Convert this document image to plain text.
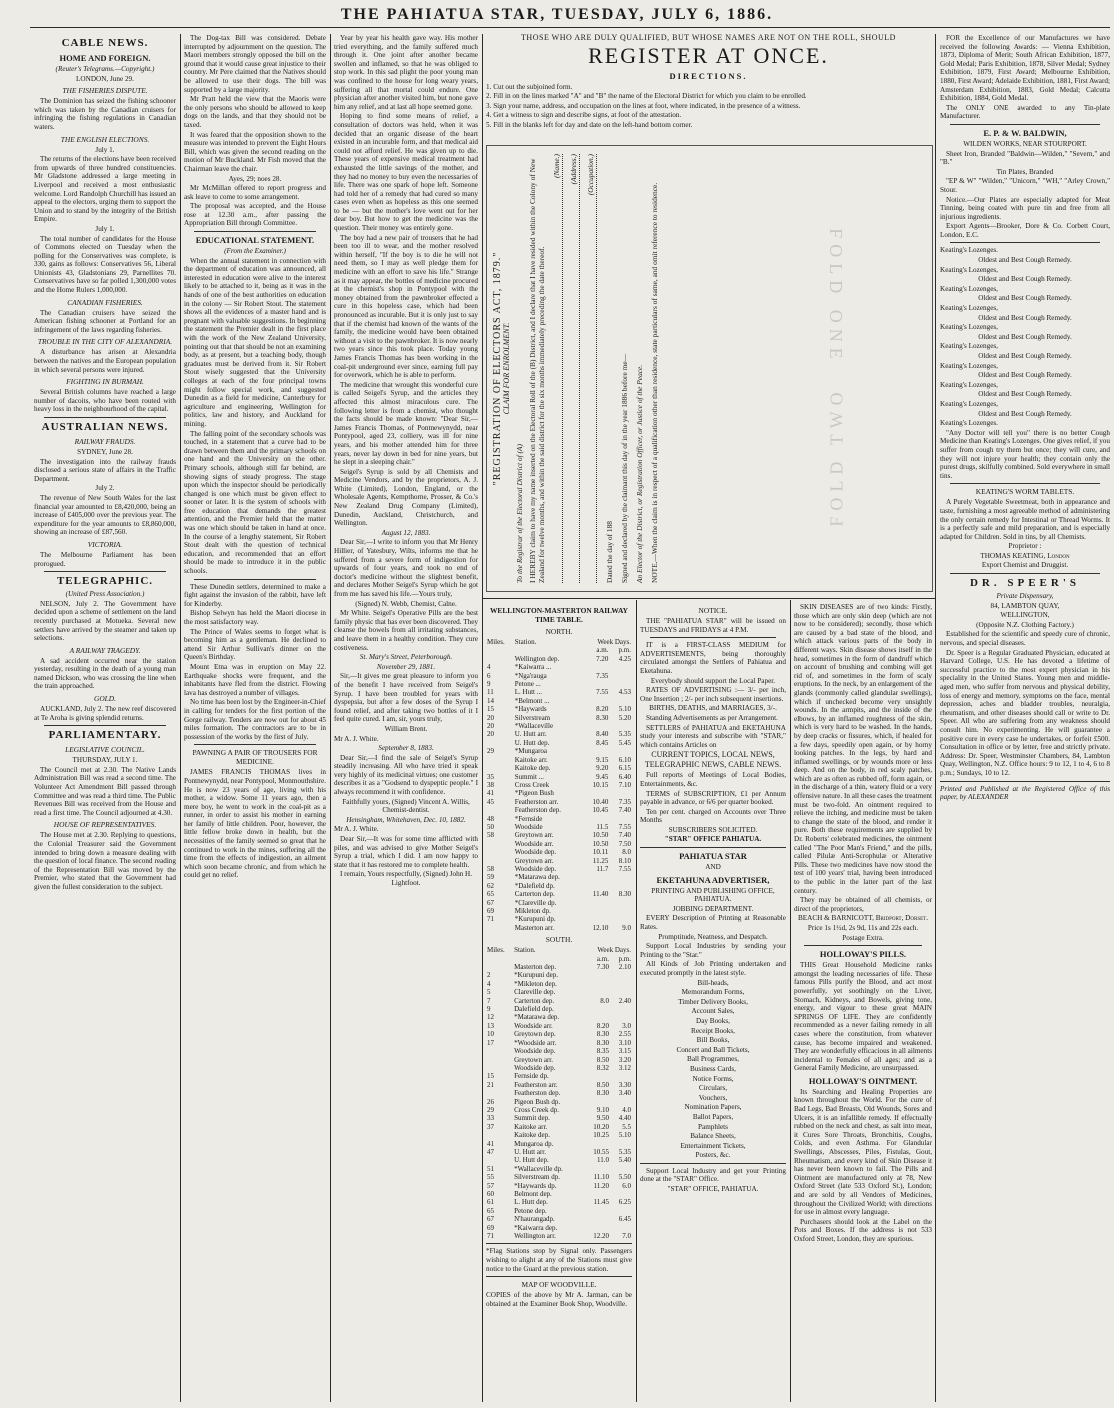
THE PAHIATUA STAR, TUESDAY, JULY 6, 1886.
CABLE NEWS.
HOME AND FOREIGN.

(Reuter's Telegrams.—Copyright.)

LONDON, June 29.

THE FISHERIES DISPUTE.

The Dominion has seized the fishing schooner which was taken by the Canadian cruisers for infringing the fishing regulations in Canadian waters.

THE ENGLISH ELECTIONS.

July 1.

The returns of the elections have been received from upwards of three hundred constituencies. Mr Gladstone addressed a large meeting in Liverpool and received a most enthusiastic welcome. Lord Randolph Churchill has issued an appeal to the electors, urging them to support the Union and to stand by the integrity of the British Empire.

July 1.

The total number of candidates for the House of Commons elected on Tuesday when the polling for the Conservatives was complete, is 330, gains as follows: Conservatives 56, Liberal Unionists 43, Gladstonians 29, Parnellites 70. Conservatives have so far polled 1,300,000 votes and the Home Rulers 1,000,000.

CANADIAN FISHERIES.

The Canadian cruisers have seized the American fishing schooner at Portland for an infringement of the laws regarding fisheries.

TROUBLE IN THE CITY OF ALEXANDRIA.

A disturbance has arisen at Alexandria between the natives and the European population in which several persons were injured.

FIGHTING IN BURMAH.

Several British columns have reached a large number of dacoits, who have been routed with heavy loss in the neighbourhood of the capital.

AUSTRALIAN NEWS.
RAILWAY FRAUDS.

SYDNEY, June 28.

The investigation into the railway frauds disclosed a serious state of affairs in the Traffic Department.

July 2.

The revenue of New South Wales for the last financial year amounted to £8,420,000, being an increase of £405,000 over the previous year. The expenditure for the year amounts to £8,860,000, showing an increase of £87,560.

VICTORIA.

The Melbourne Parliament has been prorogued.

TELEGRAPHIC.

(United Press Association.)

NELSON, July 2. The Government have decided upon a scheme of settlement on the land recently purchased at Motueka. Several new settlers have arrived by the steamer and taken up selections.

A RAILWAY TRAGEDY.

A sad accident occurred near the station yesterday, resulting in the death of a young man named Dickson, who was crossing the line when the train approached.

GOLD.

AUCKLAND, July 2. The new reef discovered at Te Aroha is giving splendid returns.

PARLIAMENTARY.
LEGISLATIVE COUNCIL.

THURSDAY, JULY 1.

The Council met at 2.30. The Native Lands Administration Bill was read a second time. The Volunteer Act Amendment Bill passed through Committee and was read a third time. The Public Revenues Bill was received from the House and read a first time. The Council adjourned at 4.30.

HOUSE OF REPRESENTATIVES.

The House met at 2.30. Replying to questions, the Colonial Treasurer said the Government intended to bring down a measure dealing with the question of local finance. The second reading of the Representation Bill was moved by the Premier, who stated that the Government had given the fullest consideration to the subject.

The Dog-tax Bill was considered. Debate interrupted by adjournment on the question. The Maori members strongly opposed the bill on the ground that it would cause great injustice to their country. Mr Pere claimed that the Natives should be allowed to use their dogs. The bill was supported by a large majority.

Mr Pratt held the view that the Maoris were the only persons who should be allowed to keep dogs on the lands, and that they should not be taxed.

It was feared that the opposition shown to the measure was intended to prevent the Eight Hours Bill, which was given the second reading on the motion of Mr Buckland. Mr Fish moved that the Chairman leave the chair.

Ayes, 29; noes 28.

Mr McMillan offered to report progress and ask leave to come to some arrangement.

The proposal was accepted, and the House rose at 12.30 a.m., after passing the Appropriation Bill through Committee.

EDUCATIONAL STATEMENT.

(From the Examiner.)

When the annual statement in connection with the department of education was announced, all interested in education were alive to the interest likely to be attached to it, being as it was in the hands of one of the best authorities on education in the colony — Sir Robert Stout. The statement shows all the evidences of a master hand and is pregnant with valuable suggestions. In beginning the statement the Premier dealt in the first place with the work of the New Zealand University, pointing out that that should be not an examining body, as at present, but a teaching body, though graduates must be derived from it. Sir Robert Stout wisely suggested that the University colleges at each of the four principal towns might follow special work, and suggested Dunedin as a field for medicine, Canterbury for agriculture and engineering, Wellington for politics, law and history, and Auckland for mining.

The falling point of the secondary schools was touched, in a statement that a curve had to be drawn between them and the primary schools on one hand and the University on the other. Primary schools, although still far behind, are showing signs of steady progress. The stage upon which the inspector should be periodically changed is one which must be given effect to sooner or later. It is the system of schools with free education that demands the greatest attention, and the Premier held that the matter was one which should be taken in hand at once. In the course of a lengthy statement, Sir Robert Stout dealt with the question of technical education, and recommended that an effort should be made to introduce it in the public schools.

These Dunedin settlers, determined to make a fight against the invasion of the rabbit, have left for Kinderby.

Bishop Selwyn has held the Maori diocese in the most satisfactory way.

The Prince of Wales seems to forget what is becoming him as a gentleman. He declined to attend Sir Arthur Sullivan's dinner on the Queen's Birthday.

Mount Etna was in eruption on May 22. Earthquake shocks were frequent, and the inhabitants have fled from the district. Flowing lava has destroyed a number of villages.

No time has been lost by the Engineer-in-Chief in calling for tenders for the first portion of the Gorge railway. Tenders are now out for about 45 miles formation. The contractors are to be in possession of the works by the first of July.

PAWNING A PAIR OF TROUSERS FOR MEDICINE.

JAMES FRANCIS THOMAS lives in Pontnewynydd, near Pontypool, Monmouthshire. He is now 23 years of age, living with his mother, a widow. Some 11 years ago, then a mere boy, he went to work in the coal-pit as a runner, in order to assist his mother in earning her family of little children. Poor, however, the little fellow broke down in health, but the necessities of the family seemed so great that he continued to work in the mines, suffering all the time from the effects of indigestion, an ailment which soon became chronic, and from which he could get no relief.

Year by year his health gave way. His mother tried everything, and the family suffered much through it. One joint after another became swollen and inflamed, so that he was obliged to stop work. In this sad plight the poor young man was confined to the house for long weary years, suffering all that mortal could endure. One physician after another visited him, but none gave him any relief, and at last all hope seemed gone.

Hoping to find some means of relief, a consultation of doctors was held, when it was decided that an organic disease of the heart existed in an incurable form, and that medical aid could not afford relief. He was given up to die. These years of expensive medical treatment had exhausted the little savings of the mother, and they had no money to buy even the necessaries of life. There was one spark of hope left. Someone had told her of a remedy that had cured so many cases even when as hopeless as this one seemed to be — but the mother's love went out for her dear boy. But how to get the medicine was the question. Their money was entirely gone.

The boy had a new pair of trousers that he had been too ill to wear, and the mother resolved within herself, "If the boy is to die he will not need them, so I may as well pledge them for medicine with an effort to save his life." Strange as it may appear, the bottles of medicine procured at the chemist's shop in Pontypool with the money obtained from the pawnbroker effected a cure in this hopeless case, which had been pronounced as incurable. But it is only just to say that if the chemist had known of the wants of the family, the medicine would have been obtained without a visit to the pawnbroker. It is now nearly two years since this took place. Today young James Francis Thomas has been working in the coal-pit underground ever since, earning full pay for overwork, which he is able to perform.

The medicine that wrought this wonderful cure is called Seigel's Syrup, and the articles they affected this almost miraculous cure. The following letter is from a chemist, who thought the facts should be made known: "Dear Sir,—James Francis Thomas, of Pontnewynydd, near Pontypool, aged 23, colliery, was ill for nine years, and his mother attended him for three years, never lay down in bed for nine years, but he slept in a sleeping chair."

Seigel's Syrup is sold by all Chemists and Medicine Vendors, and by the proprietors, A. J. White (Limited), London, England, or the Wholesale Agents, Kempthorne, Prosser, & Co.'s New Zealand Drug Company (Limited), Dunedin, Auckland, Christchurch, and Wellington.

August 12, 1883.

Dear Sir,—I write to inform you that Mr Henry Hillier, of Yatesbury, Wilts, informs me that he suffered from a severe form of indigestion for upwards of four years, and took no end of doctor's medicine without the slightest benefit, and declares Mother Seigel's Syrup which he got from me has saved his life.—Yours truly,

(Signed) N. Webb, Chemist, Calne.

Mr White. Seigel's Operative Pills are the best family physic that has ever been discovered. They cleanse the bowels from all irritating substances, and leave them in a healthy condition. They cure costiveness.

St. Mary's Street, Peterborough.

November 29, 1881.

Sir,—It gives me great pleasure to inform you of the benefit I have received from Seigel's Syrup. I have been troubled for years with dyspepsia, but after a few doses of the Syrup I found relief, and after taking two bottles of it I feel quite cured. I am, sir, yours truly,

William Brent.

Mr A. J. White.

September 8, 1883.

Dear Sir,—I find the sale of Seigel's Syrup steadily increasing. All who have tried it speak very highly of its medicinal virtues; one customer describes it as a "Godsend to dyspeptic people." I always recommend it with confidence.

Faithfully yours, (Signed) Vincent A. Willis, Chemist-dentist.

Hensingham, Whitehaven, Dec. 10, 1882.

Mr A. J. White.

Dear Sir,—It was for some time afflicted with piles, and was advised to give Mother Seigel's Syrup a trial, which I did. I am now happy to state that it has restored me to complete health.

I remain, Yours respectfully, (Signed) John H. Lightfoot.

THOSE WHO ARE DULY QUALIFIED, BUT WHOSE NAMES ARE NOT ON THE ROLL, SHOULD

REGISTER AT ONCE.
DIRECTIONS.

1. Cut out the subjoined form.

2. Fill in on the lines marked "A" and "B" the name of the Electoral District for which you claim to be enrolled.

3. Sign your name, address, and occupation on the lines at foot, where indicated, in the presence of a witness.

4. Get a witness to sign and describe signs, at foot of the attestation.

5. Fill in the blanks left for day and date on the left-hand bottom corner.

"REGISTRATION OF ELECTORS ACT, 1879." CLAIM FOR ENROLMENT.
To the Registrar of the Electoral District of (A) I HEREBY claim to have my name inserted on the Electoral Roll of the (B) District, and I declare that I have resided within the Colony of New Zealand for twelve months, and within the said district for the six months immediately preceding the date thereof.
(Name.) (Address.) (Occupation.)
Dated the day of 188 Signed and declared by the claimant this day of in the year 1886 before me— An Elector of the District, or Registration Officer, or Justice of the Peace. NOTE.—When the claim is in respect of a qualification other than residence, state particulars of same, and omit reference to residence.	FOLD ONE
FOLD TWO
WELLINGTON-MASTERTON RAILWAY TIME TABLE.
NORTH.
Miles.	Station.	Week Days.	
		a.m.	p.m.
	Wellington dep.	7.20	4.25
4	*Kaiwarra ...		
6	*Nga'rauga	7.35	
9	Petone ...		
11	L. Hutt ...	7.55	4.53
14	*Belmont ...		
15	*Haywards	8.20	5.10
20	Silverstream	8.30	5.20
20	*Wallaceville		
20	U. Hutt arr.	8.40	5.35
	U. Hutt dep.	8.45	5.45
29	*Mungaroa		
	Kaitoke arr.	9.15	6.10
	Kaitoke dep.	9.20	6.15
35	Summit ...	9.45	6.40
38	Cross Creek	10.15	7.10
41	*Pigeon Bush		
45	Featherston arr.	10.40	7.35
	Featherston dep.	10.45	7.40
48	*Fernside		
50	Woodside	11.5	7.55
58	Greytown arr.	10.50	7.40
	Woodside arr.	10.50	7.50
	Woodside dep.	10.11	8.0
	Greytown arr.	11.25	8.10
58	Woodside dep.	11.7	7.55
59	*Matarawa dep.		
62	*Dalefield dp.		
65	Carterton dep.	11.40	8.30
67	*Clareville dp.		
69	Mikleton dp.		
71	*Kurupuni dp.		
	Masterton arr.	12.10	9.0
SOUTH.
Miles.	Station.	Week Days.	
		a.m.	p.m.
	Masterton dep.	7.30	2.10
2	*Kurupuni dep.		
4	*Mikleton dep.		
5	Clareville dep.		
7	Carterton dep.	8.0	2.40
9	Dalefield dep.		
12	*Matarawa dep.		
13	Woodside arr.	8.20	3.0
10	Greytown dep.	8.30	2.55
17	*Woodside arr.	8.30	3.10
	Woodside dep.	8.35	3.15
	Greytown arr.	8.50	3.20
	Woodside dep.	8.32	3.12
15	Fernside dp.		
21	Featherston arr.	8.50	3.30
	Featherston dep.	8.30	3.40
26	Pigeon Bush dp.		
29	Cross Creek dp.	9.10	4.0
33	Summit dep.	9.50	4.40
37	Kaitoke arr.	10.20	5.5
	Kaitoke dep.	10.25	5.10
41	Mungaroa dp.		
47	U. Hutt arr.	10.55	5.35
	U. Hutt dep.	11.0	5.40
51	*Wallaceville dp.		
55	Silverstream dp.	11.10	5.50
57	*Haywards dp.	11.20	6.0
60	Belmont dep.		
61	L. Hutt dep.	11.45	6.25
65	Petone dep.		
67	N'haurangadp.		6.45
69	*Kaiwarra dep.		
71	Wellington arr.	12.20	7.0

*Flag Stations stop by Signal only. Passengers wishing to alight at any of the Stations must give notice to the Guard at the previous station.

MAP OF WOODVILLE.

COPIES of the above by Mr A. Jarman, can be obtained at the Examiner Book Shop, Woodville.

NOTICE.

THE "PAHIATUA STAR" will be issued on TUESDAYS and FRIDAYS at 4 P.M.

IT is a FIRST-CLASS MEDIUM for ADVERTISEMENTS, being thoroughly circulated amongst the Settlers of Pahiatua and Eketahuna.

Everybody should support the Local Paper.

RATES OF ADVERTISING :— 3/- per inch, One Insertion ; 2/- per inch subsequent insertions.

BIRTHS, DEATHS, and MARRIAGES, 3/-.

Standing Advertisements as per Arrangement.

SETTLERS of PAHIATUA and EKETAHUNA study your interests and subscribe with "STAR," which contains Articles on

CURRENT TOPICS, LOCAL NEWS, TELEGRAPHIC NEWS, CABLE NEWS.

Full reports of Meetings of Local Bodies, Entertainments, &c.

TERMS of SUBSCRIPTION, £1 per Annum payable in advance, or 6/6 per quarter booked.

Ten per cent. charged on Accounts over Three Months

SUBSCRIBERS SOLICITED.

"STAR" OFFICE PAHIATUA.

PAHIATUA STAR

AND

EKETAHUNA ADVERTISER,

PRINTING AND PUBLISHING OFFICE, PAHIATUA.

JOBBING DEPARTMENT.

EVERY Description of Printing at Reasonable Rates.

Promptitude, Neatness, and Despatch.

Support Local Industries by sending your Printing to the "Star."

All Kinds of Job Printing undertaken and executed promptly in the latest style.

Bill-heads,

Memorandum Forms,

Timber Delivery Books,

Account Sales,

Day Books,

Receipt Books,

Bill Books,

Concert and Ball Tickets,

Ball Programmes,

Business Cards,

Notice Forms,

Circulars,

Vouchers,

Nomination Papers,

Ballot Papers,

Pamphlets

Balance Sheets,

Entertainment Tickets,

Posters, &c.

Support Local Industry and get your Printing done at the "STAR" Office.

"STAR" OFFICE, PAHIATUA.

SKIN DISEASES are of two kinds: Firstly, those which are only skin deep (which are not now to be considered); secondly, those which are caused by a bad state of the blood, and which attack various parts of the body in different ways. Skin disease shows itself in the head, sometimes in the form of dandruff which on account of brushing and combing will get rid of, and sometimes in the form of scaly eruptions. In the neck, by an enlargement of the glands (commonly called glandular swellings), which if unchecked become very unsightly wounds. In the armpits, and the inside of the elbows, by an inflamed roughness of the skin, which is very hard to be washed. In the hands, by deep cracks or fissures, which, if healed for a few days, speedily open again, or by horny looking patches. In the legs, by hard and inflamed swellings, or by wounds more or less deep. And on the body, in red scaly patches, which are as often as rubbed off, form again, or in the discharge of a thin, watery fluid or a very offensive nature. In all these cases the treatment must be two-fold. An ointment required to relieve the itching, and medicine must be taken to change the state of the blood, and render it pure. Both these requirements are supplied by Dr. Roberts' celebrated medicines, the ointment called "The Poor Man's Friend," and the pills, called Pilulæ Anti-Scrophulæ or Alterative Pills. These two medicines have now stood the test of 100 years' trial, having been introduced to the public in the latter part of the last century.

They may be obtained of all chemists, or direct of the proprietors,

BEACH & BARNICOTT, Bridport, Dorset.

Price 1s 1½d, 2s 9d, 11s and 22s each.

Postage Extra.

HOLLOWAY'S PILLS.

THIS Great Household Medicine ranks amongst the leading necessaries of life. These famous Pills purify the Blood, and act most powerfully, yet soothingly on the Liver, Stomach, Kidneys, and Bowels, giving tone, energy, and vigour to these great MAIN SPRINGS OF LIFE. They are confidently recommended as a never failing remedy in all cases where the constitution, from whatever cause, has become impaired and weakened. They are wonderfully efficacious in all ailments incidental to Females of all ages; and as a General Family Medicine, are unsurpassed.

HOLLOWAY'S OINTMENT.

Its Searching and Healing Properties are known throughout the World. For the cure of Bad Legs, Bad Breasts, Old Wounds, Sores and Ulcers, it is an infallible remedy. If effectually rubbed on the neck and chest, as salt into meat, it Cures Sore Throats, Bronchitis, Coughs, Colds, and even Asthma. For Glandular Swellings, Abscesses, Piles, Fistulas, Gout, Rheumatism, and every kind of Skin Disease it has never been known to fail. The Pills and Ointment are manufactured only at 78, New Oxford Street (late 533 Oxford St.), London; and are sold by all Vendors of Medicines, throughout the Civilized World; with directions for use in almost every language.

Purchasers should look at the Label on the Pots and Boxes. If the address is not 533 Oxford Street, London, they are spurious.

FOR the Excellence of our Manufactures we have received the following Awards: — Vienna Exhibition, 1873, Diploma of Merit; South African Exhibition, 1877, Gold Medal; Paris Exhibition, 1878, Silver Medal; Sydney Exhibition, 1879, First Award; Melbourne Exhibition, 1880, First Award; Adelaide Exhibition, 1881, First Award; Amsterdam Exhibition, 1883, Gold Medal; Calcutta Exhibition, 1884, Gold Medal.

The ONLY ONE awarded to any Tin-plate Manufacturer.

E. P. & W. BALDWIN,

WILDEN WORKS, NEAR STOURPORT.

Sheet Iron, Branded "Baldwin—Wilden," "Severn," and "B."

Tin Plates, Branded

"EP & W" "Wilden," "Unicorn," "WH," "Arley Crown," Stour.

Notice.—Our Plates are especially adapted for Meat Tinning, being coated with pure tin and free from all injurious ingredients.

Export Agents—Brooker, Dore & Co. Corbett Court, London, E.C.

Keating's Lozenges.

Oldest and Best Cough Remedy.

Keating's Lozenges,

Oldest and Best Cough Remedy.

Keating's Lozenges,

Oldest and Best Cough Remedy.

Keating's Lozenges,

Oldest and Best Cough Remedy.

Keating's Lozenges,

Oldest and Best Cough Remedy.

Keating's Lozenges,

Oldest and Best Cough Remedy.

Keating's Lozenges,

Oldest and Best Cough Remedy.

Keating's Lozenges,

Oldest and Best Cough Remedy.

Keating's Lozenges,

Oldest and Best Cough Remedy.

Keating's Lozenges.

"Any Doctor will tell you" there is no better Cough Medicine than Keating's Lozenges. One gives relief, if you suffer from cough try them but once; they will cure, and they will not injure your health; they contain only the purest drugs, skilfully combined. Sold everywhere in small tins.

KEATING'S WORM TABLETS.

A Purely Vegetable Sweetmeat, both in appearance and taste, furnishing a most agreeable method of administering the only certain remedy for Intestinal or Thread Worms. It is a perfectly safe and mild preparation, and is especially adapted for Children. Sold in tins, by all Chemists.

Proprietor :

THOMAS KEATING, London

Export Chemist and Druggist.

DR. SPEER'S

Private Dispensary,

84, LAMBTON QUAY,

WELLINGTON,

(Opposite N.Z. Clothing Factory.)

Established for the scientific and speedy cure of chronic, nervous, and special diseases.

Dr. Speer is a Regular Graduated Physician, educated at Harvard College, U.S. He has devoted a lifetime of successful practice to the most expert physician in his speciality in the United States. Young men and middle-aged men, who suffer from nervous and physical debility, loss of energy and memory, symptoms on the face, mental depression, aches and bladder troubles, neuralgia, rheumatism, and other diseases should call or write to Dr. Speer. All who are suffering from any weakness should consult him. No experimenting. He will guarantee a positive cure in every case he undertakes, or forfeit £500. Consultation in office or by letter, free and strictly private. Address: Dr. Speer, Westminster Chambers, 84, Lambton Quay, Wellington, N.Z. Office hours: 9 to 12, 1 to 4, 6 to 8 p.m.; Sundays, 10 to 12.

Printed and Published at the Registered Office of this paper, by ALEXANDER
